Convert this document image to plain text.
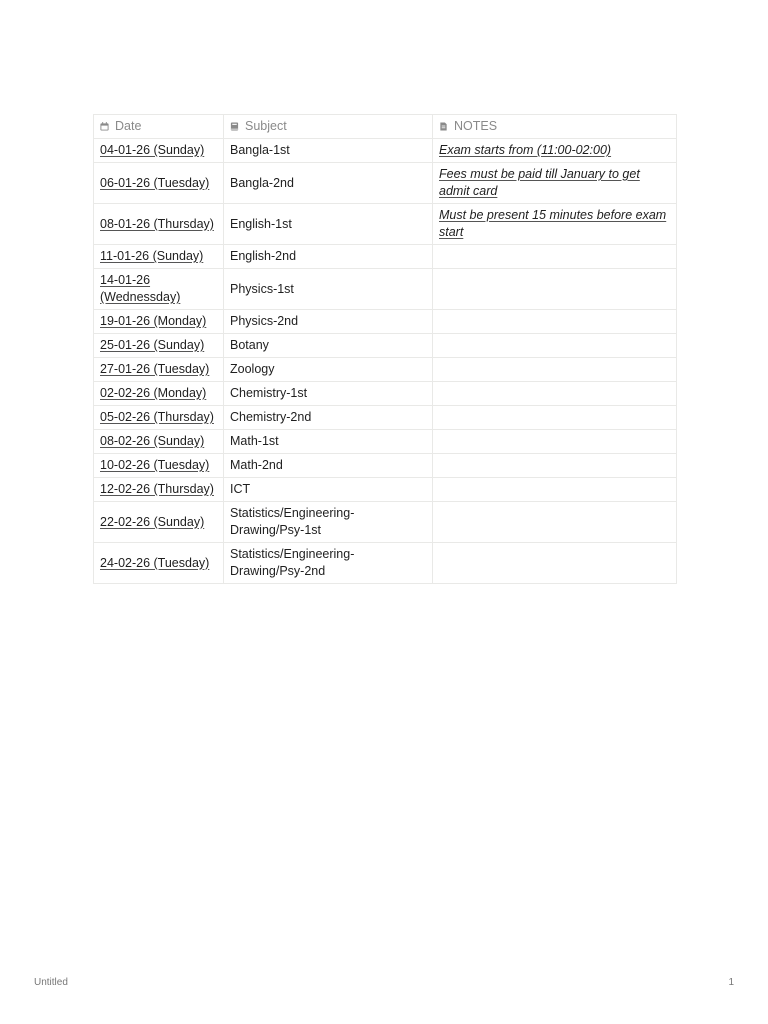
Date	Subject	NOTES
04-01-26 (Sunday)	Bangla-1st	Exam starts from (11:00-02:00)
06-01-26 (Tuesday)	Bangla-2nd	Fees must be paid till January to get admit card
08-01-26 (Thursday)	English-1st	Must be present 15 minutes before exam start
11-01-26 (Sunday)	English-2nd	
14-01-26 (Wednessday)	Physics-1st	
19-01-26 (Monday)	Physics-2nd	
25-01-26 (Sunday)	Botany	
27-01-26 (Tuesday)	Zoology	
02-02-26 (Monday)	Chemistry-1st	
05-02-26 (Thursday)	Chemistry-2nd	
08-02-26 (Sunday)	Math-1st	
10-02-26 (Tuesday)	Math-2nd	
12-02-26 (Thursday)	ICT	
22-02-26 (Sunday)	Statistics/Engineering-Drawing/Psy-1st	
24-02-26 (Tuesday)	Statistics/Engineering-Drawing/Psy-2nd	
Untitled	1
